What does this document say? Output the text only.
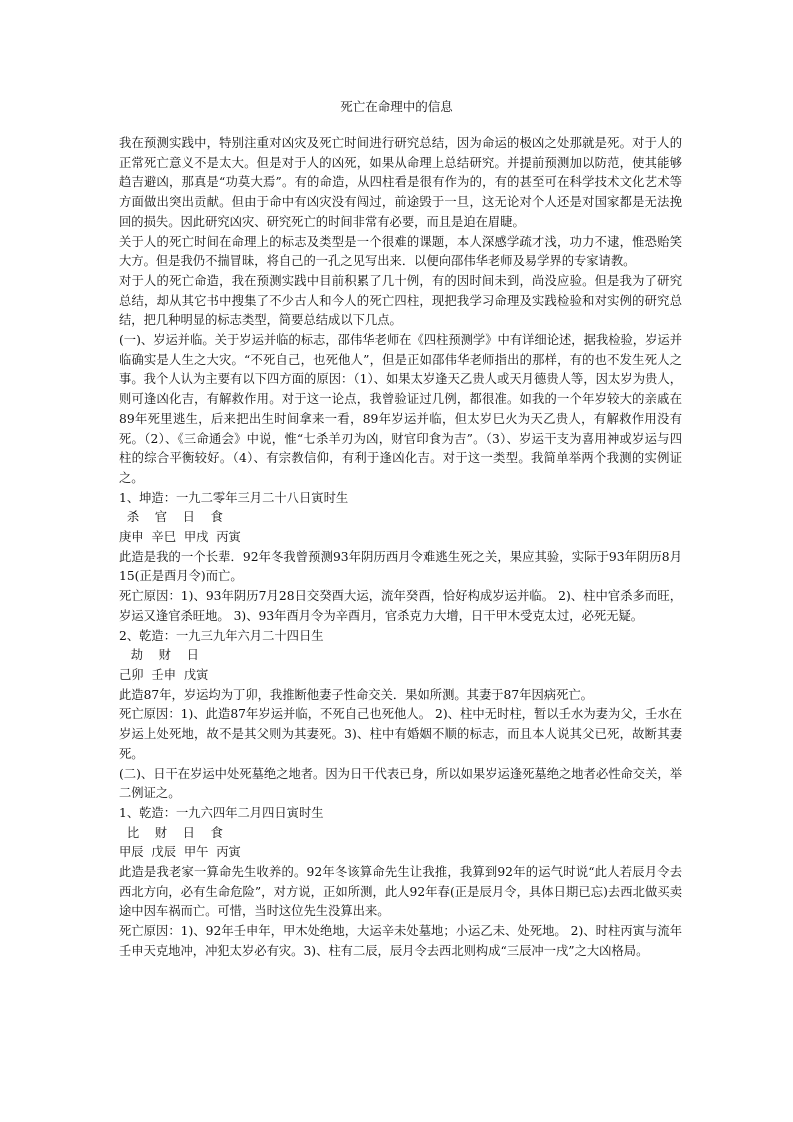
死亡在命理中的信息

我在预测实践中，特别注重对凶灾及死亡时间进行研究总结，因为命运的极凶之处那就是死。对于人的正常死亡意义不是太大。但是对于人的凶死，如果从命理上总结研究。并提前预测加以防范，使其能够趋吉避凶，那真是“功莫大焉”。有的命造，从四柱看是很有作为的，有的甚至可在科学技术文化艺术等方面做出突出贡献。但由于命中有凶灾没有闯过，前途毁于一旦，这无论对个人还是对国家都是无法挽回的损失。因此研究凶灾、研究死亡的时间非常有必要，而且是迫在眉睫。

关于人的死亡时间在命理上的标志及类型是一个很难的课题，本人深感学疏才浅，功力不逮，惟恐贻笑大方。但是我仍不揣冒昧，将自己的一孔之见写出来．以便向邵伟华老师及易学界的专家请教。

对于人的死亡命造，我在预测实践中目前积累了几十例，有的因时间未到，尚没应验。但是我为了研究总结，却从其它书中搜集了不少古人和今人的死亡四柱，现把我学习命理及实践检验和对实例的研究总结，把几种明显的标志类型，简要总结成以下几点。

(一)、岁运并临。关于岁运并临的标志，邵伟华老师在《四柱预测学》中有详细论述，据我检验，岁运并临确实是人生之大灾。“不死自己，也死他人”，但是正如邵伟华老师指出的那样，有的也不发生死人之事。我个人认为主要有以下四方面的原因：（1）、如果太岁逢天乙贵人或天月德贵人等，因太岁为贵人，则可逢凶化吉，有解救作用。对于这一论点，我曾验证过几例，都很准。如我的一个年岁较大的亲戚在89年死里逃生，后来把出生时间拿来一看，89年岁运并临，但太岁巳火为天乙贵人，有解救作用没有死。（2）、《三命通会》中说，惟“七杀羊刃为凶，财官印食为吉”。（3）、岁运干支为喜用神或岁运与四柱的综合平衡较好。（4）、有宗教信仰，有利于逢凶化吉。对于这一类型。我简单举两个我测的实例证之。

1、坤造：一九二零年三月二十八日寅时生

杀    官    日    食

庚申  辛巳  甲戌  丙寅

此造是我的一个长辈．92年冬我曾预测93年阴历西月令难逃生死之关，果应其验，实际于93年阴历8月15(正是酉月令)而亡。

死亡原因：1)、93年阴历7月28日交癸酉大运，流年癸酉，恰好构成岁运并临。 2)、柱中官杀多而旺，岁运又逢官杀旺地。 3)、93年酉月令为辛酉月，官杀克力大增，日干甲木受克太过，必死无疑。

2、乾造：一九三九年六月二十四日生

劫    财    日

己卯  壬申  戊寅

此造87年，岁运均为丁卯，我推断他妻子性命交关．果如所测。其妻于87年因病死亡。

死亡原因：1)、此造87年岁运并临，不死自己也死他人。 2)、柱中无时柱，暂以壬水为妻为父，壬水在岁运上处死地，故不是其父则为其妻死。3)、柱中有婚姻不顺的标志，而且本人说其父已死，故断其妻死。

(二)、日干在岁运中处死墓绝之地者。因为日干代表已身，所以如果岁运逢死墓绝之地者必性命交关，举二例证之。

1、乾造：一九六四年二月四日寅时生

比    财    日    食

甲辰  戊辰  甲午  丙寅

此造是我老家一算命先生收养的。92年冬该算命先生让我推，我算到92年的运气时说“此人若辰月令去西北方向，必有生命危险”，对方说，正如所测，此人92年春(正是辰月令，具体日期已忘)去西北做买卖途中因车祸而亡。可惜，当时这位先生没算出来。

死亡原因：1)、92年壬申年，甲木处绝地，大运辛未处墓地；小运乙未、处死地。 2)、时柱丙寅与流年壬申天克地冲，冲犯太岁必有灾。3)、柱有二辰，辰月令去西北则构成“三辰冲一戌”之大凶格局。
